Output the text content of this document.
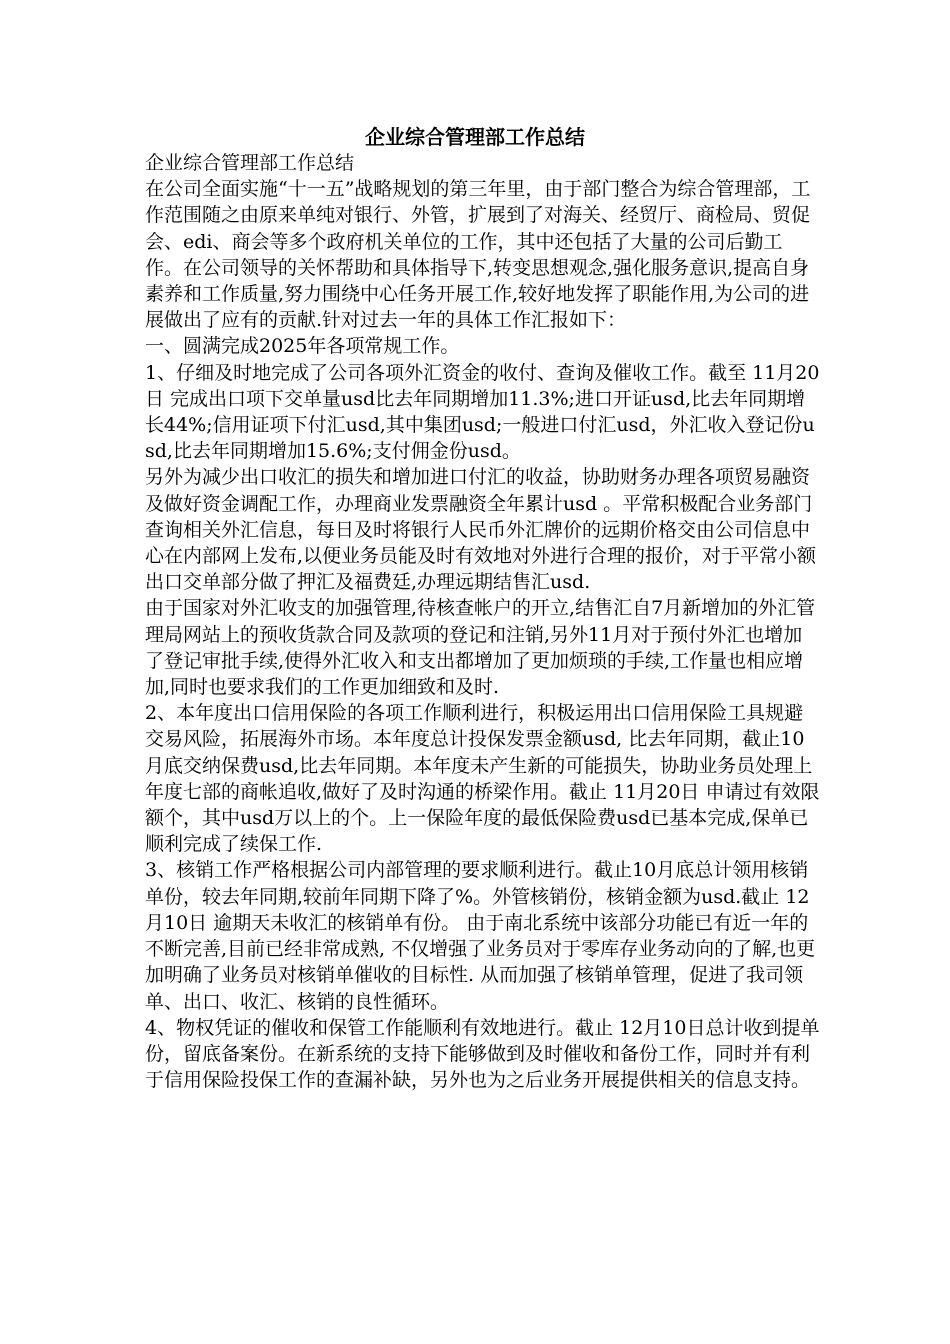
企业综合管理部工作总结

企业综合管理部工作总结

在公司全面实施“十一五”战略规划的第三年里，由于部门整合为综合管理部，工作范围随之由原来单纯对银行、外管，扩展到了对海关、经贸厅、商检局、贸促会、edi、商会等多个政府机关单位的工作，其中还包括了大量的公司后勤工作。在公司领导的关怀帮助和具体指导下,转变思想观念,强化服务意识,提高自身素养和工作质量,努力围绕中心任务开展工作,较好地发挥了职能作用,为公司的进展做出了应有的贡献.针对过去一年的具体工作汇报如下：

一、圆满完成2025年各项常规工作。

1、仔细及时地完成了公司各项外汇资金的收付、查询及催收工作。截至 11月20日 完成出口项下交单量usd比去年同期增加11.3%;进口开证usd,比去年同期增长44%;信用证项下付汇usd,其中集团usd;一般进口付汇usd，外汇收入登记份usd,比去年同期增加15.6%;支付佣金份usd。

另外为减少出口收汇的损失和增加进口付汇的收益，协助财务办理各项贸易融资及做好资金调配工作，办理商业发票融资全年累计usd 。平常积极配合业务部门查询相关外汇信息，每日及时将银行人民币外汇牌价的远期价格交由公司信息中心在内部网上发布,以便业务员能及时有效地对外进行合理的报价，对于平常小额出口交单部分做了押汇及福费廷,办理远期结售汇usd.

由于国家对外汇收支的加强管理,待核查帐户的开立,结售汇自7月新增加的外汇管理局网站上的预收货款合同及款项的登记和注销,另外11月对于预付外汇也增加了登记审批手续,使得外汇收入和支出都增加了更加烦琐的手续,工作量也相应增加,同时也要求我们的工作更加细致和及时.

2、本年度出口信用保险的各项工作顺利进行，积极运用出口信用保险工具规避交易风险，拓展海外市场。本年度总计投保发票金额usd, 比去年同期，截止10月底交纳保费usd,比去年同期。本年度未产生新的可能损失，协助业务员处理上年度七部的商帐追收,做好了及时沟通的桥梁作用。截止 11月20日 申请过有效限额个，其中usd万以上的个。上一保险年度的最低保险费usd已基本完成,保单已顺利完成了续保工作.

3、核销工作严格根据公司内部管理的要求顺利进行。截止10月底总计领用核销单份，较去年同期,较前年同期下降了%。外管核销份，核销金额为usd.截止 12月10日 逾期天未收汇的核销单有份。 由于南北系统中该部分功能已有近一年的不断完善,目前已经非常成熟, 不仅增强了业务员对于零库存业务动向的了解,也更加明确了业务员对核销单催收的目标性. 从而加强了核销单管理，促进了我司领单、出口、收汇、核销的良性循环。

4、物权凭证的催收和保管工作能顺利有效地进行。截止 12月10日总计收到提单份，留底备案份。在新系统的支持下能够做到及时催收和备份工作，同时并有利于信用保险投保工作的查漏补缺，另外也为之后业务开展提供相关的信息支持。
